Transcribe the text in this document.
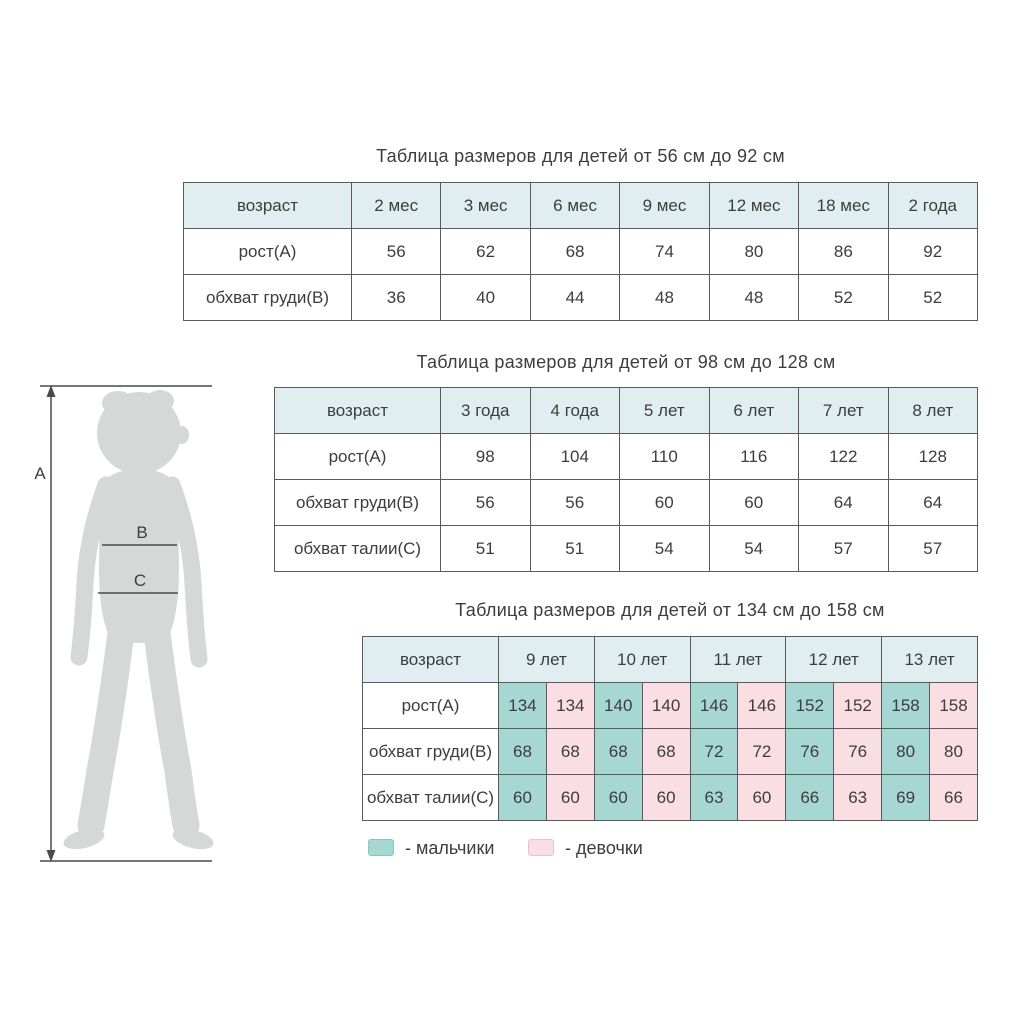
A
B
C
Таблица размеров для детей от 56 см до 92 см
возраст	2 мес	3 мес	6 мес	9 мес	12 мес	18 мес	2 года
рост(A)	56	62	68	74	80	86	92
обхват груди(B)	36	40	44	48	48	52	52
Таблица размеров для детей от 98 см до 128 см
возраст	3 года	4 года	5 лет	6 лет	7 лет	8 лет
рост(A)	98	104	110	116	122	128
обхват груди(B)	56	56	60	60	64	64
обхват талии(C)	51	51	54	54	57	57
Таблица размеров для детей от 134 см до 158 см
возраст	9 лет		10 лет		11 лет		12 лет		13 лет	
рост(A)	134	134	140	140	146	146	152	152	158	158
обхват груди(B)	68	68	68	68	72	72	76	76	80	80
обхват талии(C)	60	60	60	60	63	60	66	63	69	66
- мальчики	- девочки
